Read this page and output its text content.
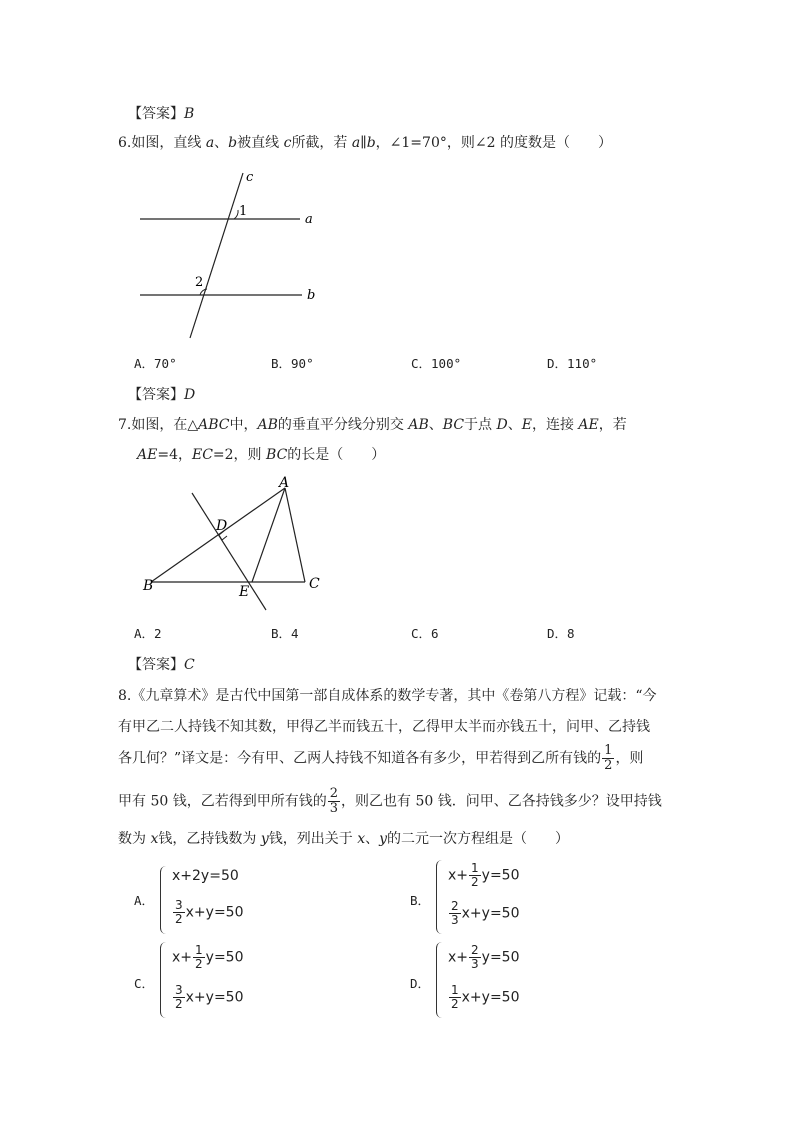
【答案】B
6.如图，直线 a、b被直线 c所截，若 a∥b，∠1=70°，则∠2 的度数是（　　）
c
a
b
1
2
A．70°	B．90°	C．100°	D．110°
【答案】D
7.如图，在△ABC中，AB的垂直平分线分别交 AB、BC于点 D、E，连接 AE，若
AE=4，EC=2，则 BC的长是（　　）
A
B	C
D
E
A．2	B．4	C．6	D．8
【答案】C
8.《九章算术》是古代中国第一部自成体系的数学专著，其中《卷第八方程》记载：“今
有甲乙二人持钱不知其数，甲得乙半而钱五十，乙得甲太半而亦钱五十，问甲、乙持钱
各几何？”译文是：今有甲、乙两人持钱不知道各有多少，甲若得到乙所有钱的 $\frac{1}{2}$ ，则
甲有 50 钱，乙若得到甲所有钱的 $\frac{2}{3}$ ，则乙也有 50 钱．问甲、乙各持钱多少？设甲持钱
数为 x钱，乙持钱数为 y钱，列出关于 x、y的二元一次方程组是（　　）
A．
x+2y=50
$\frac{3}{2} x+y=50$
B．
$x+ \frac{1}{2} y=50$
$\frac{2}{3} x+y=50$
C．
$x+ \frac{1}{2} y=50$
$\frac{3}{2} x+y=50$
D．
$x+ \frac{2}{3} y=50$
$\frac{1}{2} x+y=50$
